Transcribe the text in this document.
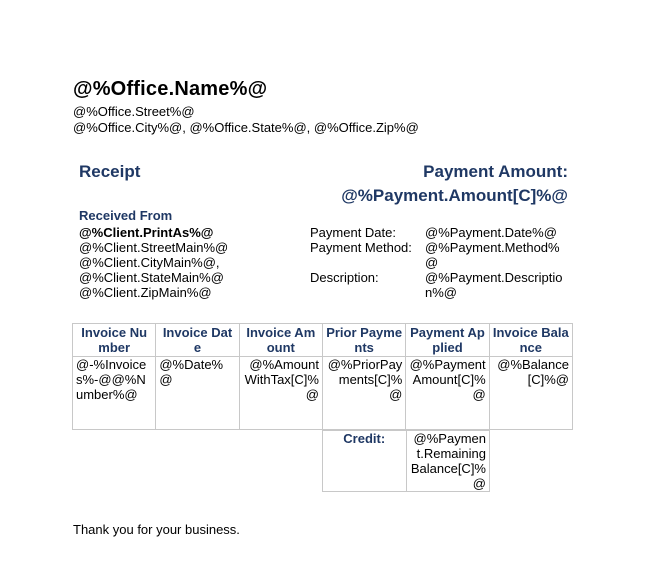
@%Office.Name%@
@%Office.Street%@
@%Office.City%@, @%Office.State%@, @%Office.Zip%@
Receipt	Payment Amount:
@%Payment.Amount[C]%@
Received From
@%Client.PrintAs%@
@%Client.StreetMain%@
@%Client.CityMain%@,
@%Client.StateMain%@
@%Client.ZipMain%@
Payment Date: @%Payment.Date%@
Payment Method: @%Payment.Method%@
Description:	@%Payment.Description%@
Invoice Number	Invoice Date	Invoice Amount	Prior Payments	Payment Applied	Invoice Balance
@-%Invoices%-@@%Number%@	@%Date%@	@%AmountWithTax[C]%@	@%PriorPayments[C]%@	@%PaymentAmount[C]%@	@%Balance[C]%@
Credit:	@%Payment.RemainingBalance[C]%@
Thank you for your business.
